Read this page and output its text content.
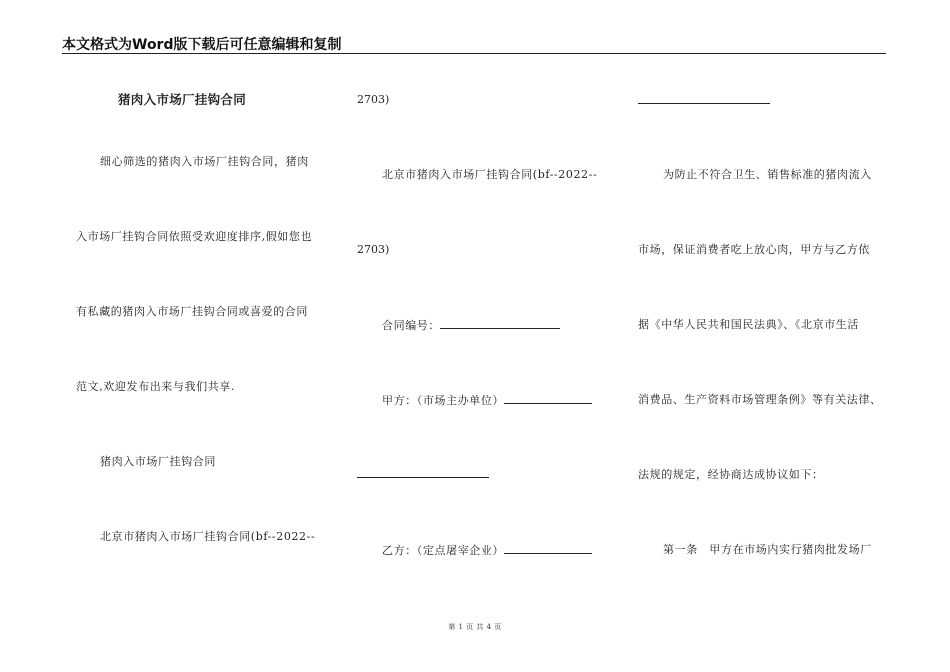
本文格式为Word版下载后可任意编辑和复制
猪肉入市场厂挂钩合同
细心筛选的猪肉入市场厂挂钩合同，猪肉
入市场厂挂钩合同依照受欢迎度排序,假如您也
有私藏的猪肉入市场厂挂钩合同或喜爱的合同
范文,欢迎发布出来与我们共享.
猪肉入市场厂挂钩合同
北京市猪肉入市场厂挂钩合同(bf--2022--
2703)
北京市猪肉入市场厂挂钩合同(bf--2022--
2703)
合同编号：
甲方：（市场主办单位）
乙方：（定点屠宰企业）
为防止不符合卫生、销售标准的猪肉流入
市场，保证消费者吃上放心肉，甲方与乙方依
据《中华人民共和国民法典》、《北京市生活
消费品、生产资料市场管理条例》等有关法律、
法规的规定，经协商达成协议如下：
第一条　甲方在市场内实行猪肉批发场厂
第 1 页 共 4 页
